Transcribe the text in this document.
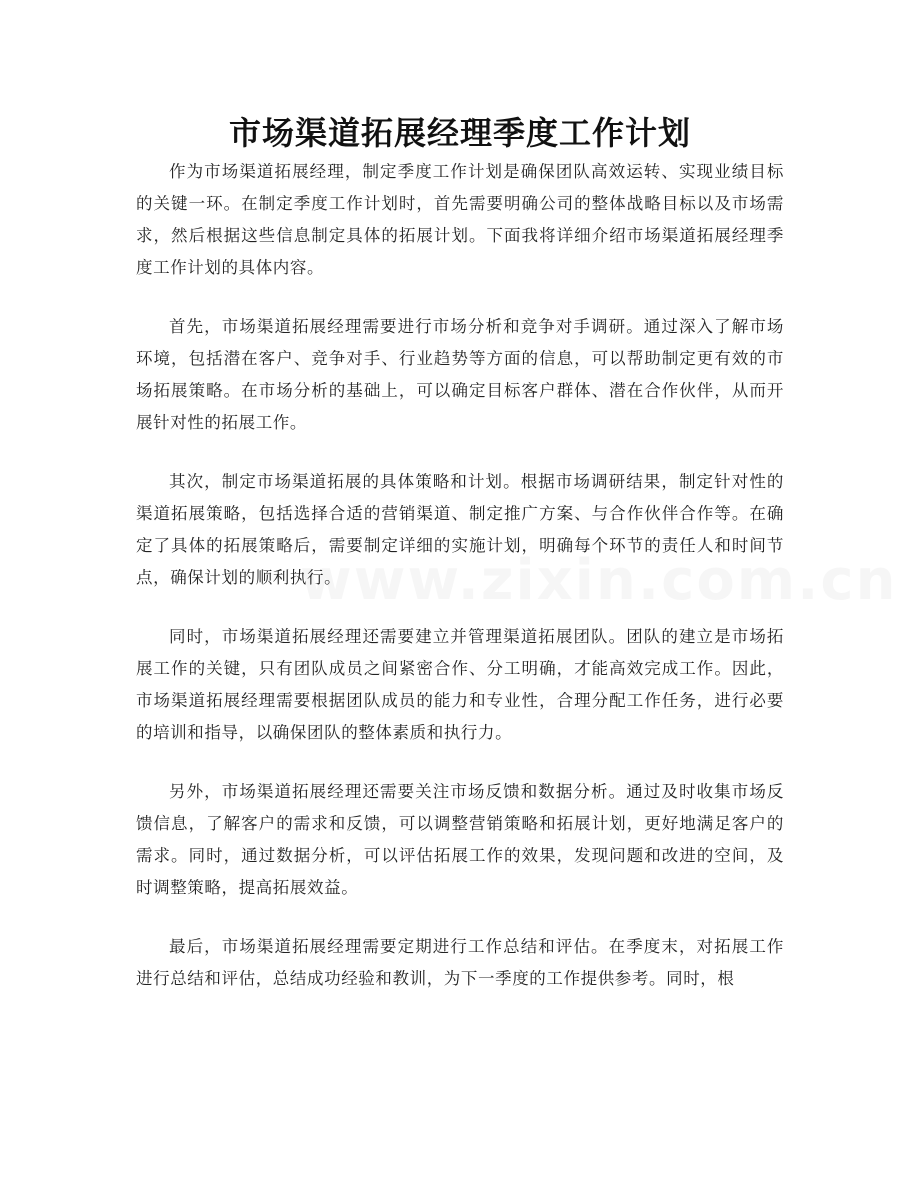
市场渠道拓展经理季度工作计划

作为市场渠道拓展经理，制定季度工作计划是确保团队高效运转、实现业绩目标的关键一环。在制定季度工作计划时，首先需要明确公司的整体战略目标以及市场需求，然后根据这些信息制定具体的拓展计划。下面我将详细介绍市场渠道拓展经理季度工作计划的具体内容。

首先，市场渠道拓展经理需要进行市场分析和竞争对手调研。通过深入了解市场环境，包括潜在客户、竞争对手、行业趋势等方面的信息，可以帮助制定更有效的市场拓展策略。在市场分析的基础上，可以确定目标客户群体、潜在合作伙伴，从而开展针对性的拓展工作。

其次，制定市场渠道拓展的具体策略和计划。根据市场调研结果，制定针对性的渠道拓展策略，包括选择合适的营销渠道、制定推广方案、与合作伙伴合作等。在确定了具体的拓展策略后，需要制定详细的实施计划，明确每个环节的责任人和时间节点，确保计划的顺利执行。

同时，市场渠道拓展经理还需要建立并管理渠道拓展团队。团队的建立是市场拓展工作的关键，只有团队成员之间紧密合作、分工明确，才能高效完成工作。因此，市场渠道拓展经理需要根据团队成员的能力和专业性，合理分配工作任务，进行必要的培训和指导，以确保团队的整体素质和执行力。

另外，市场渠道拓展经理还需要关注市场反馈和数据分析。通过及时收集市场反馈信息，了解客户的需求和反馈，可以调整营销策略和拓展计划，更好地满足客户的需求。同时，通过数据分析，可以评估拓展工作的效果，发现问题和改进的空间，及时调整策略，提高拓展效益。

最后，市场渠道拓展经理需要定期进行工作总结和评估。在季度末，对拓展工作进行总结和评估，总结成功经验和教训，为下一季度的工作提供参考。同时，根
